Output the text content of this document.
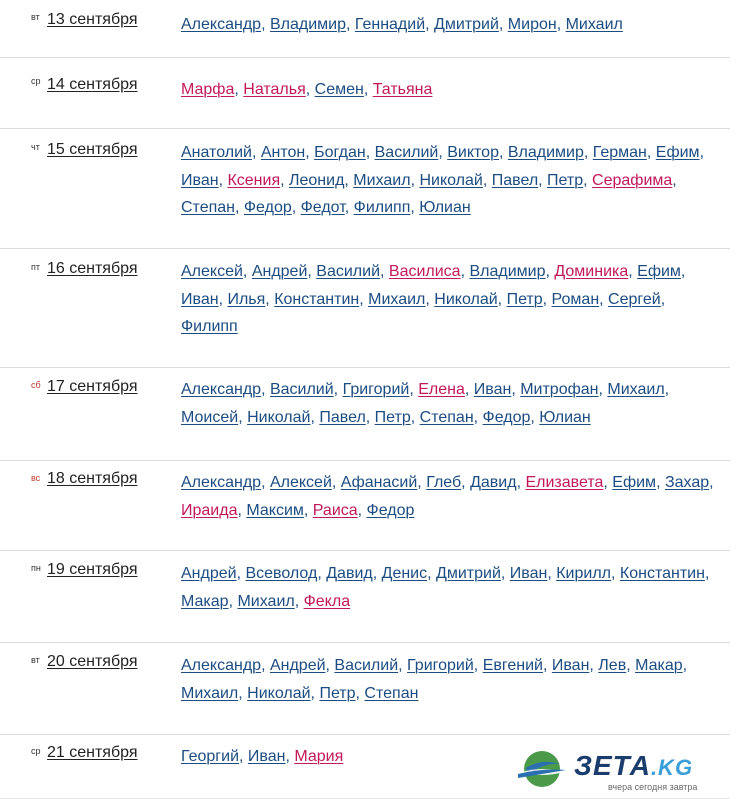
вт 13 сентября	Александр, Владимир, Геннадий, Дмитрий, Мирон, Михаил
ср 14 сентября	Марфа, Наталья, Семен, Татьяна
чт 15 сентября	Анатолий, Антон, Богдан, Василий, Виктор, Владимир, Герман, Ефим, Иван, Ксения, Леонид, Михаил, Николай, Павел, Петр, Серафима, Степан, Федор, Федот, Филипп, Юлиан
пт 16 сентября	Алексей, Андрей, Василий, Василиса, Владимир, Доминика, Ефим, Иван, Илья, Константин, Михаил, Николай, Петр, Роман, Сергей, Филипп
сб 17 сентября	Александр, Василий, Григорий, Елена, Иван, Митрофан, Михаил, Моисей, Николай, Павел, Петр, Степан, Федор, Юлиан
вс 18 сентября	Александр, Алексей, Афанасий, Глеб, Давид, Елизавета, Ефим, Захар, Ираида, Максим, Раиса, Федор
пн 19 сентября	Андрей, Всеволод, Давид, Денис, Дмитрий, Иван, Кирилл, Константин, Макар, Михаил, Фекла
вт 20 сентября	Александр, Андрей, Василий, Григорий, Евгений, Иван, Лев, Макар, Михаил, Николай, Петр, Степан
ср 21 сентября	Георгий, Иван, Мария	ЗЕТА.KG
вчера сегодня завтра
